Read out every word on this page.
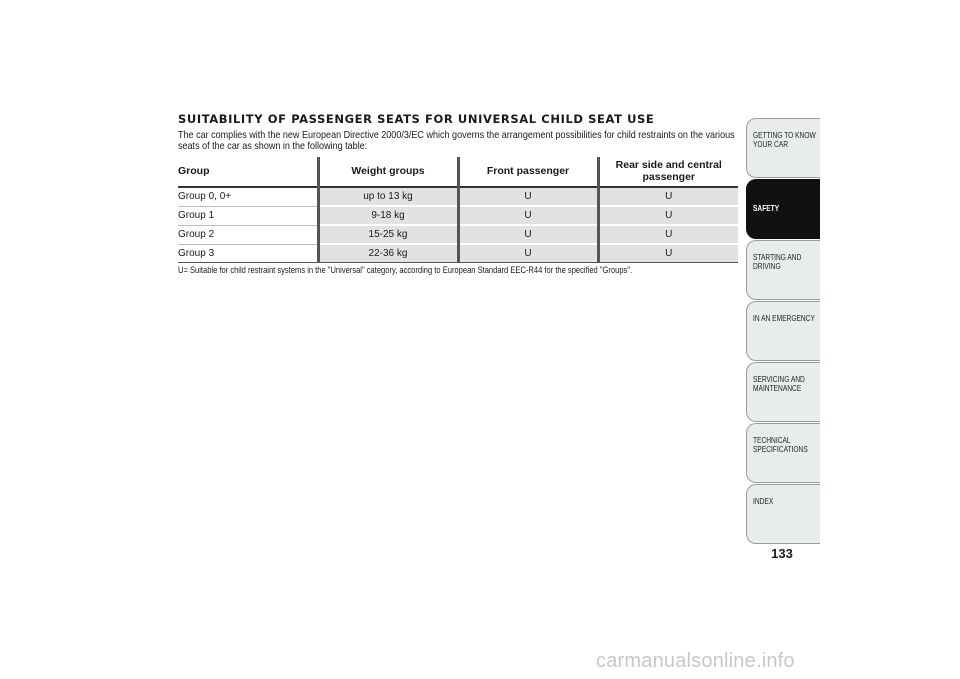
SUITABILITY OF PASSENGER SEATS FOR UNIVERSAL CHILD SEAT USE
The car complies with the new European Directive 2000/3/EC which governs the arrangement possibilities for child restraints on the various seats of the car as shown in the following table:
Group	Weight groups	Front passenger	Rear side and central passenger
Group 0, 0+	up to 13 kg	U	U
Group 1	9-18 kg	U	U
Group 2	15-25 kg	U	U
Group 3	22-36 kg	U	U
U= Suitable for child restraint systems in the "Universal" category, according to European Standard EEC-R44 for the specified "Groups".
GETTING TO KNOW YOUR CAR
SAFETY
STARTING AND DRIVING
IN AN EMERGENCY
SERVICING AND MAINTENANCE
TECHNICAL SPECIFICATIONS
INDEX
133
carmanualsonline.info
